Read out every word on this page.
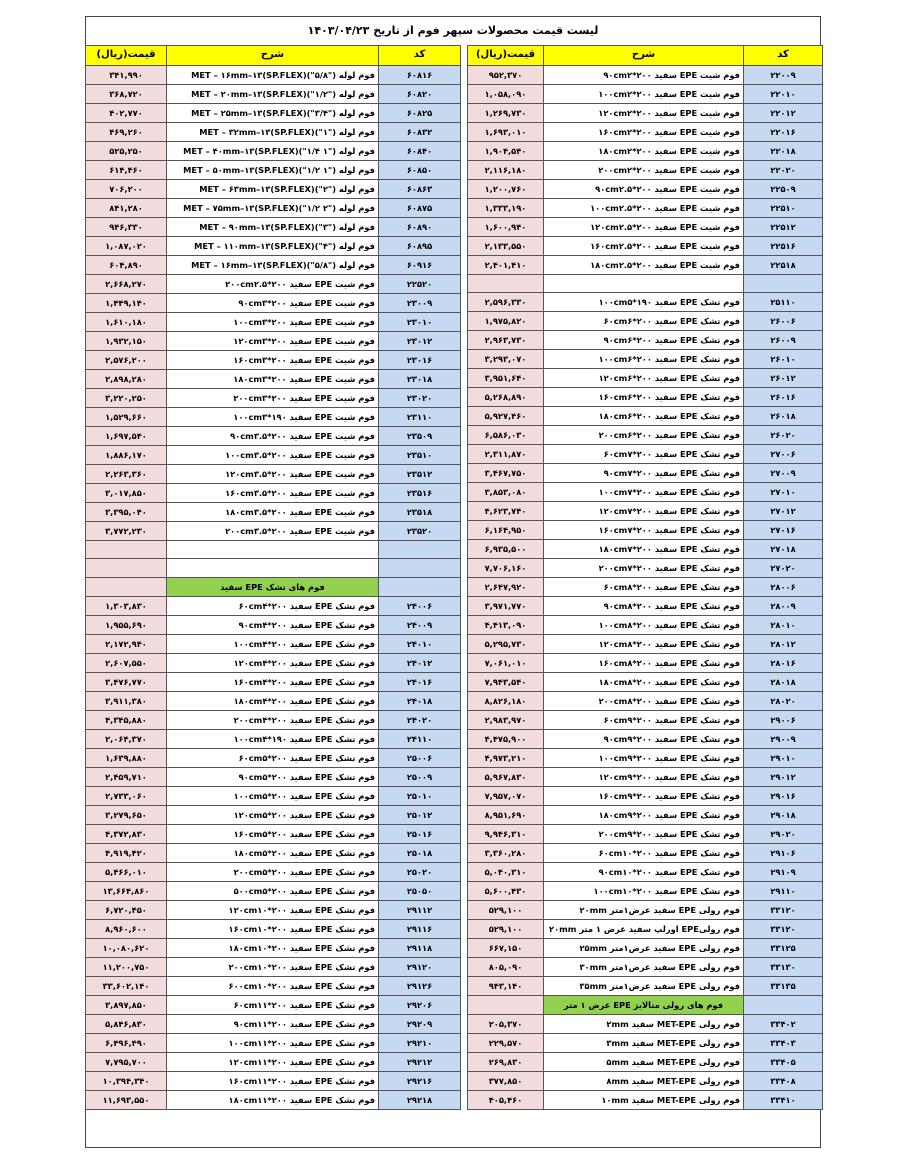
لیست قیمت محصولات سپهر فوم از تاریخ ۱۴۰۳/۰۴/۲۳
کد	شرح	قیمت(ریال)
۲۲۰۰۹	فوم شیت EPE سفید ۲۰۰*۹۰cm۲	۹۵۲,۳۷۰
۲۲۰۱۰	فوم شیت EPE سفید ۲۰۰*۱۰۰cm۲	۱,۰۵۸,۰۹۰
۲۲۰۱۲	فوم شیت EPE سفید ۲۰۰*۱۲۰cm۲	۱,۲۶۹,۷۳۰
۲۲۰۱۶	فوم شیت EPE سفید ۲۰۰*۱۶۰cm۲	۱,۶۹۳,۰۱۰
۲۲۰۱۸	فوم شیت EPE سفید ۲۰۰*۱۸۰cm۲	۱,۹۰۴,۵۴۰
۲۲۰۲۰	فوم شیت EPE سفید ۲۰۰*۲۰۰cm۲	۲,۱۱۶,۱۸۰
۲۲۵۰۹	فوم شیت EPE سفید ۲۰۰*۹۰cm۲.۵	۱,۲۰۰,۷۶۰
۲۲۵۱۰	فوم شیت EPE سفید ۲۰۰*۱۰۰cm۲.۵	۱,۳۳۳,۱۹۰
۲۲۵۱۲	فوم شیت EPE سفید ۲۰۰*۱۲۰cm۲.۵	۱,۶۰۰,۹۴۰
۲۲۵۱۶	فوم شیت EPE سفید ۲۰۰*۱۶۰cm۲.۵	۲,۱۳۳,۵۵۰
۲۲۵۱۸	فوم شیت EPE سفید ۲۰۰*۱۸۰cm۲.۵	۲,۴۰۱,۴۱۰

۲۵۱۱۰	فوم تشک EPE سفید ۱۹۰*۱۰۰cm۵	۲,۵۹۶,۳۳۰
۲۶۰۰۶	فوم تشک EPE سفید ۲۰۰*۶۰cm۶	۱,۹۷۵,۸۲۰
۲۶۰۰۹	فوم تشک EPE سفید ۲۰۰*۹۰cm۶	۲,۹۶۳,۷۳۰
۲۶۰۱۰	فوم تشک EPE سفید ۲۰۰*۱۰۰cm۶	۳,۲۹۳,۰۷۰
۲۶۰۱۲	فوم تشک EPE سفید ۲۰۰*۱۲۰cm۶	۳,۹۵۱,۶۴۰
۲۶۰۱۶	فوم تشک EPE سفید ۲۰۰*۱۶۰cm۶	۵,۲۶۸,۸۹۰
۲۶۰۱۸	فوم تشک EPE سفید ۲۰۰*۱۸۰cm۶	۵,۹۲۷,۴۶۰
۲۶۰۲۰	فوم تشک EPE سفید ۲۰۰*۲۰۰cm۶	۶,۵۸۶,۰۳۰
۲۷۰۰۶	فوم تشک EPE سفید ۲۰۰*۶۰cm۷	۲,۳۱۱,۸۷۰
۲۷۰۰۹	فوم تشک EPE سفید ۲۰۰*۹۰cm۷	۳,۴۶۷,۷۵۰
۲۷۰۱۰	فوم تشک EPE سفید ۲۰۰*۱۰۰cm۷	۳,۸۵۳,۰۸۰
۲۷۰۱۲	فوم تشک EPE سفید ۲۰۰*۱۲۰cm۷	۴,۶۲۳,۷۴۰
۲۷۰۱۶	فوم تشک EPE سفید ۲۰۰*۱۶۰cm۷	۶,۱۶۴,۹۵۰
۲۷۰۱۸	فوم تشک EPE سفید ۲۰۰*۱۸۰cm۷	۶,۹۳۵,۵۰۰
۲۷۰۲۰	فوم تشک EPE سفید ۲۰۰*۲۰۰cm۷	۷,۷۰۶,۱۶۰
۲۸۰۰۶	فوم تشک EPE سفید ۲۰۰*۶۰cm۸	۲,۶۴۷,۹۲۰
۲۸۰۰۹	فوم تشک EPE سفید ۲۰۰*۹۰cm۸	۳,۹۷۱,۷۷۰
۲۸۰۱۰	فوم تشک EPE سفید ۲۰۰*۱۰۰cm۸	۴,۴۱۳,۰۹۰
۲۸۰۱۲	فوم تشک EPE سفید ۲۰۰*۱۲۰cm۸	۵,۲۹۵,۷۳۰
۲۸۰۱۶	فوم تشک EPE سفید ۲۰۰*۱۶۰cm۸	۷,۰۶۱,۰۱۰
۲۸۰۱۸	فوم تشک EPE سفید ۲۰۰*۱۸۰cm۸	۷,۹۴۳,۵۴۰
۲۸۰۲۰	فوم تشک EPE سفید ۲۰۰*۲۰۰cm۸	۸,۸۲۶,۱۸۰
۲۹۰۰۶	فوم تشک EPE سفید ۲۰۰*۶۰cm۹	۲,۹۸۳,۹۷۰
۲۹۰۰۹	فوم تشک EPE سفید ۲۰۰*۹۰cm۹	۴,۴۷۵,۹۰۰
۲۹۰۱۰	فوم تشک EPE سفید ۲۰۰*۱۰۰cm۹	۴,۹۷۳,۲۱۰
۲۹۰۱۲	فوم تشک EPE سفید ۲۰۰*۱۲۰cm۹	۵,۹۶۷,۸۳۰
۲۹۰۱۶	فوم تشک EPE سفید ۲۰۰*۱۶۰cm۹	۷,۹۵۷,۰۷۰
۲۹۰۱۸	فوم تشک EPE سفید ۲۰۰*۱۸۰cm۹	۸,۹۵۱,۶۹۰
۲۹۰۲۰	فوم تشک EPE سفید ۲۰۰*۲۰۰cm۹	۹,۹۴۶,۳۱۰
۲۹۱۰۶	فوم تشک EPE سفید ۲۰۰*۶۰cm۱۰	۳,۳۶۰,۲۸۰
۲۹۱۰۹	فوم تشک EPE سفید ۲۰۰*۹۰cm۱۰	۵,۰۴۰,۳۱۰
۲۹۱۱۰	فوم تشک EPE سفید ۲۰۰*۱۰۰cm۱۰	۵,۶۰۰,۴۳۰
۳۳۱۲۰	فوم رولی EPE سفید عرض۱متر ۲۰mm	۵۲۹,۱۰۰
۳۳۱۲۰	فوم رولیEPE اورلپ سفید عرض ۱ متر ۲۰mm	۵۲۹,۱۰۰
۳۳۱۲۵	فوم رولی EPE سفید عرض۱متر ۲۵mm	۶۶۷,۱۵۰
۳۳۱۳۰	فوم رولی EPE سفید عرض۱متر ۳۰mm	۸۰۵,۰۹۰
۳۳۱۳۵	فوم رولی EPE سفید عرض۱متر ۳۵mm	۹۴۳,۱۴۰
	فوم های رولی متالایز EPE عرض ۱ متر	
۳۳۴۰۲	فوم رولی MET-EPE سفید ۲mm	۲۰۵,۳۷۰
۳۳۴۰۳	فوم رولی MET-EPE سفید ۳mm	۲۲۹,۵۷۰
۳۳۴۰۵	فوم رولی MET-EPE سفید ۵mm	۲۶۹,۸۳۰
۳۳۴۰۸	فوم رولی MET-EPE سفید ۸mm	۳۷۷,۸۵۰
۳۳۴۱۰	فوم رولی MET-EPE سفید ۱۰mm	۴۰۵,۴۶۰
کد	شرح	قیمت(ریال)
۶۰۸۱۶	فوم لوله ("۵/۸")MET – ۱۶mm–۱۳(SP.FLEX)	۳۴۱,۹۹۰
۶۰۸۲۰	فوم لوله ("۱/۲")MET – ۲۰mm–۱۳(SP.FLEX)	۳۶۸,۷۲۰
۶۰۸۲۵	فوم لوله ("۳/۴")MET – ۲۵mm–۱۳(SP.FLEX)	۴۰۲,۷۷۰
۶۰۸۳۲	فوم لوله ("۱")MET – ۳۲mm–۱۳(SP.FLEX)	۴۶۹,۲۶۰
۶۰۸۴۰	فوم لوله ("۱ ۱/۴")MET – ۴۰mm–۱۳(SP.FLEX)	۵۲۵,۲۵۰
۶۰۸۵۰	فوم لوله ("۱ ۱/۲")MET – ۵۰mm–۱۳(SP.FLEX)	۶۱۴,۴۶۰
۶۰۸۶۳	فوم لوله ("۲")MET – ۶۳mm–۱۳(SP.FLEX)	۷۰۶,۲۰۰
۶۰۸۷۵	فوم لوله ("۲ ۱/۲")MET – ۷۵mm–۱۳(SP.FLEX)	۸۴۱,۲۸۰
۶۰۸۹۰	فوم لوله ("۳")MET – ۹۰mm–۱۳(SP.FLEX)	۹۴۶,۳۳۰
۶۰۸۹۵	فوم لوله ("۴")MET – ۱۱۰mm–۱۳(SP.FLEX)	۱,۰۸۷,۰۲۰
۶۰۹۱۶	فوم لوله ("۵/۸")MET – ۱۶mm–۱۳(SP.FLEX)	۶۰۴,۸۹۰
۲۲۵۲۰	فوم شیت EPE سفید ۲۰۰*۲۰۰cm۲.۵	۲,۶۶۸,۲۷۰
۲۳۰۰۹	فوم شیت EPE سفید ۲۰۰*۹۰cm۳	۱,۴۴۹,۱۴۰
۲۳۰۱۰	فوم شیت EPE سفید ۲۰۰*۱۰۰cm۳	۱,۶۱۰,۱۸۰
۲۳۰۱۲	فوم شیت EPE سفید ۲۰۰*۱۲۰cm۳	۱,۹۳۲,۱۵۰
۲۳۰۱۶	فوم شیت EPE سفید ۲۰۰*۱۶۰cm۳	۲,۵۷۶,۲۰۰
۲۳۰۱۸	فوم شیت EPE سفید ۲۰۰*۱۸۰cm۳	۲,۸۹۸,۲۸۰
۲۳۰۲۰	فوم شیت EPE سفید ۲۰۰*۲۰۰cm۳	۳,۲۲۰,۲۵۰
۲۳۱۱۰	فوم شیت EPE سفید ۱۹۰*۱۰۰cm۳	۱,۵۲۹,۶۶۰
۲۳۵۰۹	فوم شیت EPE سفید ۲۰۰*۹۰cm۳.۵	۱,۶۹۷,۵۴۰
۲۳۵۱۰	فوم شیت EPE سفید ۲۰۰*۱۰۰cm۳.۵	۱,۸۸۶,۱۷۰
۲۳۵۱۲	فوم شیت EPE سفید ۲۰۰*۱۲۰cm۳.۵	۲,۲۶۳,۳۶۰
۲۳۵۱۶	فوم شیت EPE سفید ۲۰۰*۱۶۰cm۳.۵	۳,۰۱۷,۸۵۰
۲۳۵۱۸	فوم شیت EPE سفید ۲۰۰*۱۸۰cm۳.۵	۳,۳۹۵,۰۴۰
۲۳۵۲۰	فوم شیت EPE سفید ۲۰۰*۲۰۰cm۳.۵	۳,۷۷۲,۲۳۰

	فوم های تشک EPE سفید	
۲۴۰۰۶	فوم تشک EPE سفید ۲۰۰*۶۰cm۴	۱,۳۰۳,۸۳۰
۲۴۰۰۹	فوم تشک EPE سفید ۲۰۰*۹۰cm۴	۱,۹۵۵,۶۹۰
۲۴۰۱۰	فوم تشک EPE سفید ۲۰۰*۱۰۰cm۴	۲,۱۷۲,۹۴۰
۲۴۰۱۲	فوم تشک EPE سفید ۲۰۰*۱۲۰cm۴	۲,۶۰۷,۵۵۰
۲۴۰۱۶	فوم تشک EPE سفید ۲۰۰*۱۶۰cm۴	۳,۴۷۶,۷۷۰
۲۴۰۱۸	فوم تشک EPE سفید ۲۰۰*۱۸۰cm۴	۳,۹۱۱,۳۸۰
۲۴۰۲۰	فوم تشک EPE سفید ۲۰۰*۲۰۰cm۴	۴,۳۴۵,۸۸۰
۲۴۱۱۰	فوم تشک EPE سفید ۱۹۰*۱۰۰cm۴	۲,۰۶۴,۳۷۰
۲۵۰۰۶	فوم تشک EPE سفید ۲۰۰*۶۰cm۵	۱,۶۳۹,۸۸۰
۲۵۰۰۹	فوم تشک EPE سفید ۲۰۰*۹۰cm۵	۲,۴۵۹,۷۱۰
۲۵۰۱۰	فوم تشک EPE سفید ۲۰۰*۱۰۰cm۵	۲,۷۳۳,۰۶۰
۲۵۰۱۲	فوم تشک EPE سفید ۲۰۰*۱۲۰cm۵	۳,۲۷۹,۶۵۰
۲۵۰۱۶	فوم تشک EPE سفید ۲۰۰*۱۶۰cm۵	۴,۳۷۲,۸۳۰
۲۵۰۱۸	فوم تشک EPE سفید ۲۰۰*۱۸۰cm۵	۴,۹۱۹,۴۲۰
۲۵۰۲۰	فوم تشک EPE سفید ۲۰۰*۲۰۰cm۵	۵,۴۶۶,۰۱۰
۲۵۰۵۰	فوم تشک EPE سفید ۲۰۰*۵۰۰cm۵	۱۳,۶۶۴,۸۶۰
۲۹۱۱۲	فوم تشک EPE سفید ۲۰۰*۱۲۰cm۱۰	۶,۷۲۰,۴۵۰
۲۹۱۱۶	فوم تشک EPE سفید ۲۰۰*۱۶۰cm۱۰	۸,۹۶۰,۶۰۰
۲۹۱۱۸	فوم تشک EPE سفید ۲۰۰*۱۸۰cm۱۰	۱۰,۰۸۰,۶۲۰
۲۹۱۲۰	فوم تشک EPE سفید ۲۰۰*۲۰۰cm۱۰	۱۱,۲۰۰,۷۵۰
۲۹۱۲۶	فوم تشک EPE سفید ۲۰۰*۶۰۰cm۱۰	۳۳,۶۰۲,۱۴۰
۲۹۲۰۶	فوم تشک EPE سفید ۲۰۰*۶۰cm۱۱	۳,۸۹۷,۸۵۰
۲۹۲۰۹	فوم تشک EPE سفید ۲۰۰*۹۰cm۱۱	۵,۸۴۶,۸۳۰
۲۹۲۱۰	فوم تشک EPE سفید ۲۰۰*۱۰۰cm۱۱	۶,۴۹۶,۴۹۰
۲۹۲۱۲	فوم تشک EPE سفید ۲۰۰*۱۲۰cm۱۱	۷,۷۹۵,۷۰۰
۲۹۲۱۶	فوم تشک EPE سفید ۲۰۰*۱۶۰cm۱۱	۱۰,۳۹۴,۳۴۰
۲۹۲۱۸	فوم تشک EPE سفید ۲۰۰*۱۸۰cm۱۱	۱۱,۶۹۳,۵۵۰
